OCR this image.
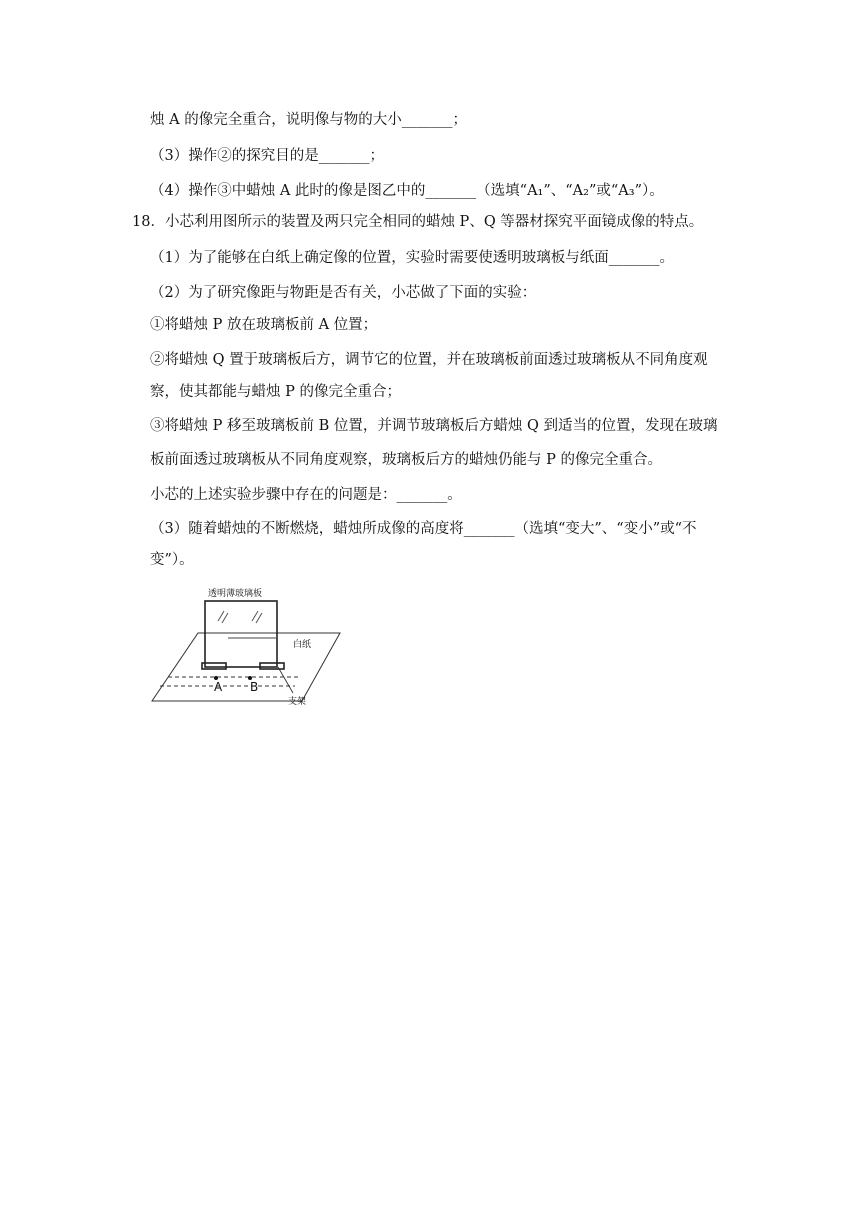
烛 A 的像完全重合，说明像与物的大小_______；
（3）操作②的探究目的是_______；
（4）操作③中蜡烛 A 此时的像是图乙中的_______（选填“A₁”、“A₂”或“A₃”）。
18．小芯利用图所示的装置及两只完全相同的蜡烛 P、Q 等器材探究平面镜成像的特点。
（1）为了能够在白纸上确定像的位置，实验时需要使透明玻璃板与纸面_______。
（2）为了研究像距与物距是否有关，小芯做了下面的实验：
①将蜡烛 P 放在玻璃板前 A 位置；
②将蜡烛 Q 置于玻璃板后方，调节它的位置，并在玻璃板前面透过玻璃板从不同角度观
察，使其都能与蜡烛 P 的像完全重合；
③将蜡烛 P 移至玻璃板前 B 位置，并调节玻璃板后方蜡烛 Q 到适当的位置，发现在玻璃
板前面透过玻璃板从不同角度观察，玻璃板后方的蜡烛仍能与 P 的像完全重合。
小芯的上述实验步骤中存在的问题是：_______。
（3）随着蜡烛的不断燃烧，蜡烛所成像的高度将_______（选填“变大”、“变小”或“不
变”）。
A B
透明薄玻璃板
白纸
支架
